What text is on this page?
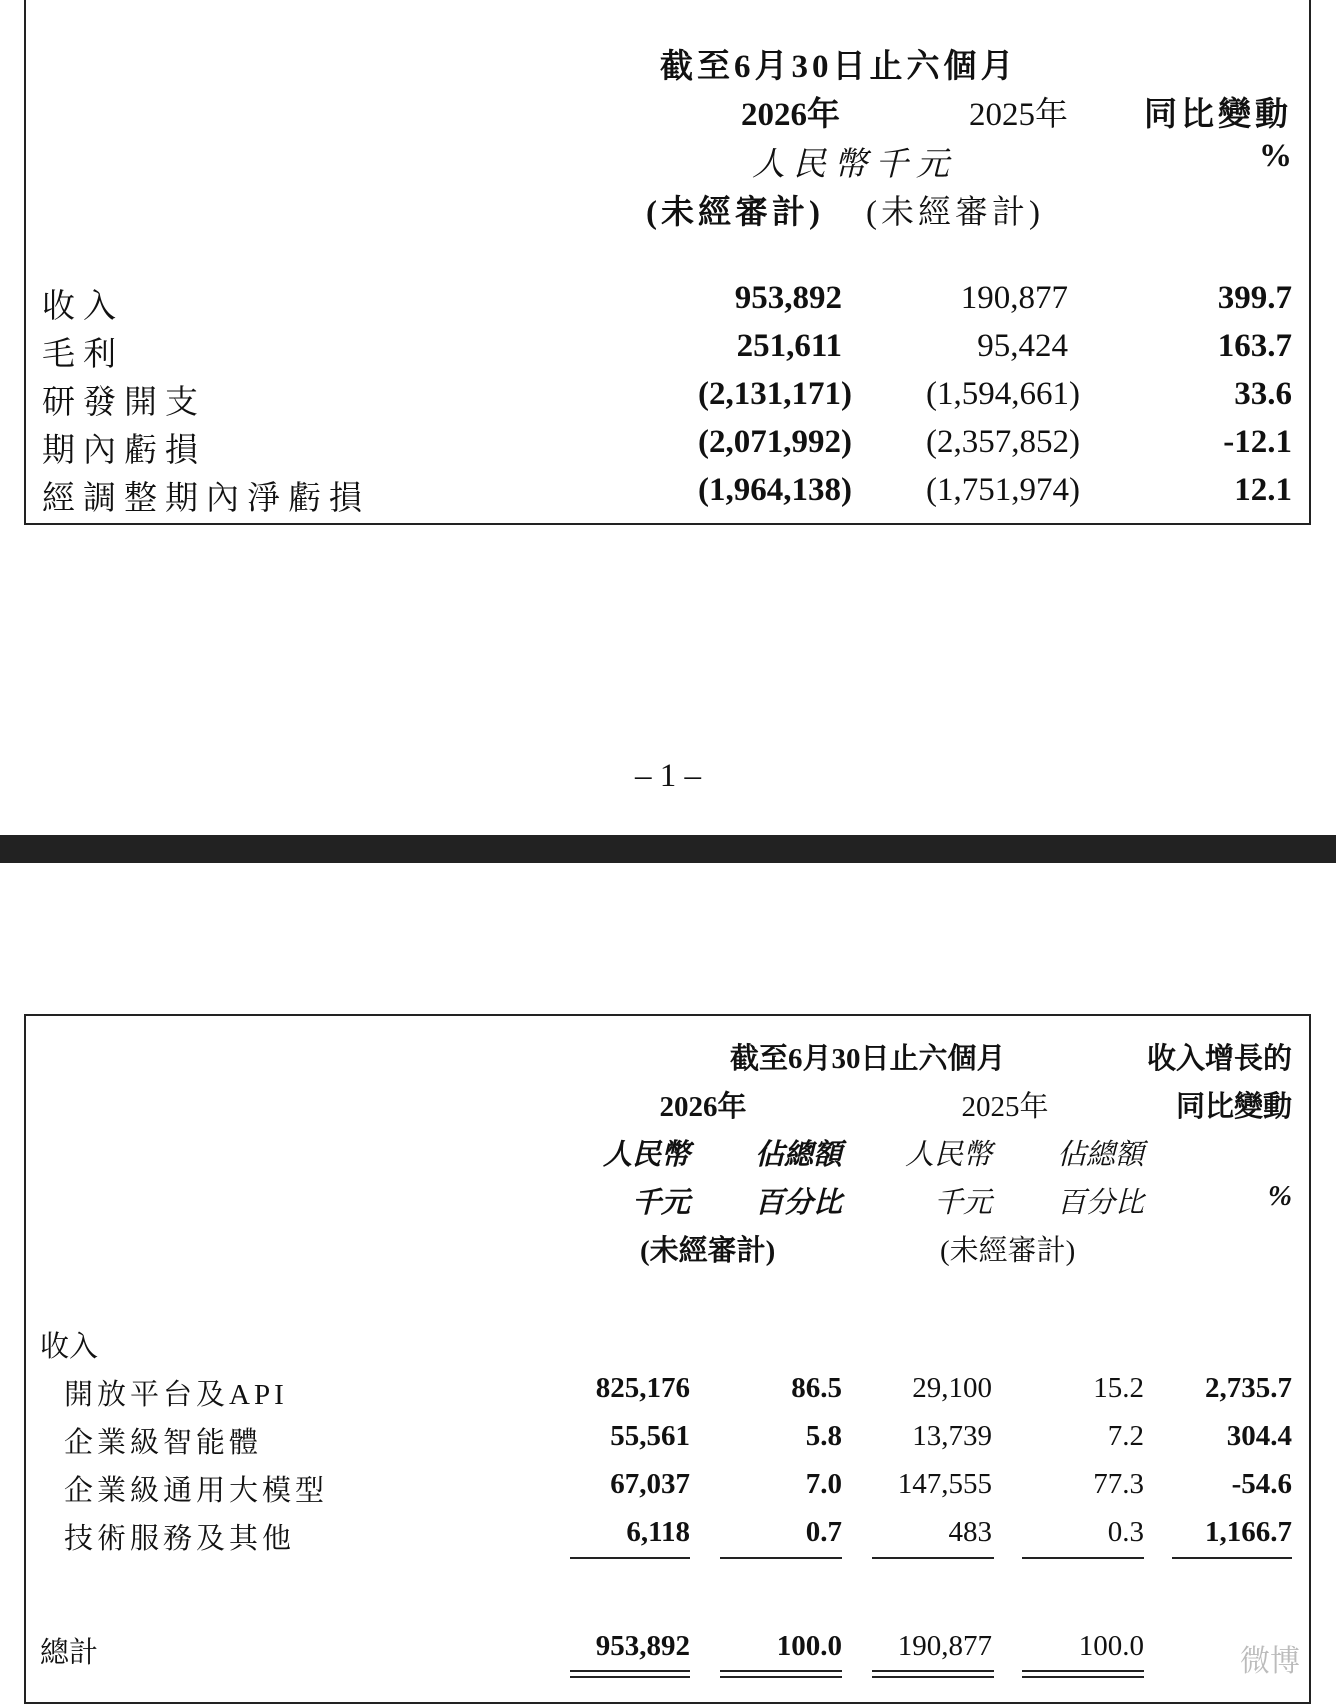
截至6月30日止六個月
2026年	2025年	同比變動
人民幣千元	%
(未經審計) (未經審計)
收入	953,892	190,877	399.7
毛利	251,611	95,424	163.7
研發開支	(2,131,171)	(1,594,661)	33.6
期內虧損	(2,071,992)	(2,357,852)	-12.1
經調整期內淨虧損	(1,964,138)	(1,751,974)	12.1
– 1 –
截至6月30日止六個月	收入增長的
同比變動
2026年	2025年
人民幣	佔總額	人民幣	佔總額
千元	百分比	千元	百分比	%
(未經審計)	(未經審計)
收入
開放平台及API	825,176	86.5	29,100	15.2	2,735.7
企業級智能體	55,561	5.8	13,739	7.2	304.4
企業級通用大模型	67,037	7.0	147,555	77.3	-54.6
技術服務及其他	6,118	0.7	483	0.3	1,166.7
總計	953,892	100.0	190,877	100.0	微博
